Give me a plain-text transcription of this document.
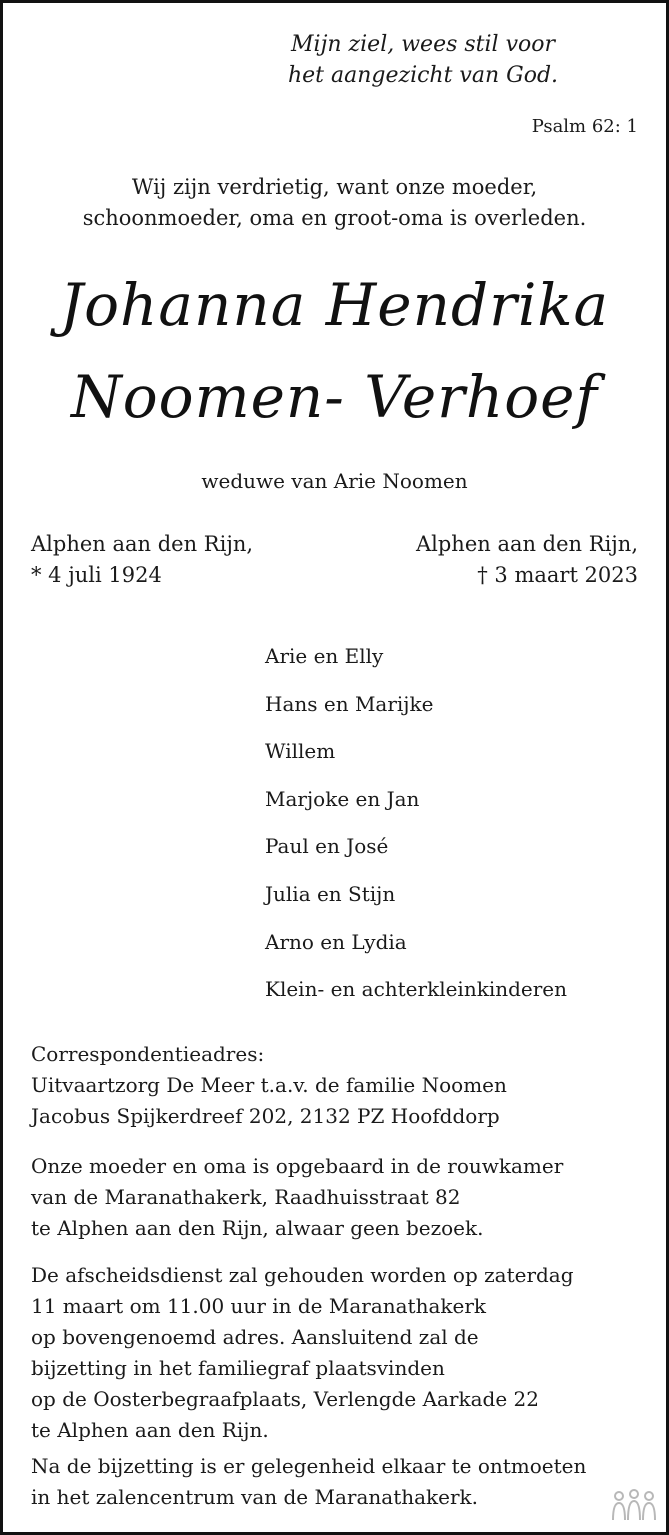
Mijn ziel, wees stil voor
het aangezicht van God.
Psalm 62: 1
Wij zijn verdrietig, want onze moeder,
schoonmoeder, oma en groot-oma is overleden.
Johanna Hendrika
Noomen- Verhoef
weduwe van Arie Noomen
Alphen aan den Rijn,
* 4 juli 1924
Alphen aan den Rijn,
† 3 maart 2023
Arie en Elly
Hans en Marijke
Willem
Marjoke en Jan
Paul en José
Julia en Stijn
Arno en Lydia
Klein- en achterkleinkinderen
Correspondentieadres:
Uitvaartzorg De Meer t.a.v. de familie Noomen
Jacobus Spijkerdreef 202, 2132 PZ Hoofddorp
Onze moeder en oma is opgebaard in de rouwkamer
van de Maranathakerk, Raadhuisstraat 82
te Alphen aan den Rijn, alwaar geen bezoek.
De afscheidsdienst zal gehouden worden op zaterdag
11 maart om 11.00 uur in de Maranathakerk
op bovengenoemd adres. Aansluitend zal de
bijzetting in het familiegraf plaatsvinden
op de Oosterbegraafplaats, Verlengde Aarkade 22
te Alphen aan den Rijn.
Na de bijzetting is er gelegenheid elkaar te ontmoeten
in het zalencentrum van de Maranathakerk.
